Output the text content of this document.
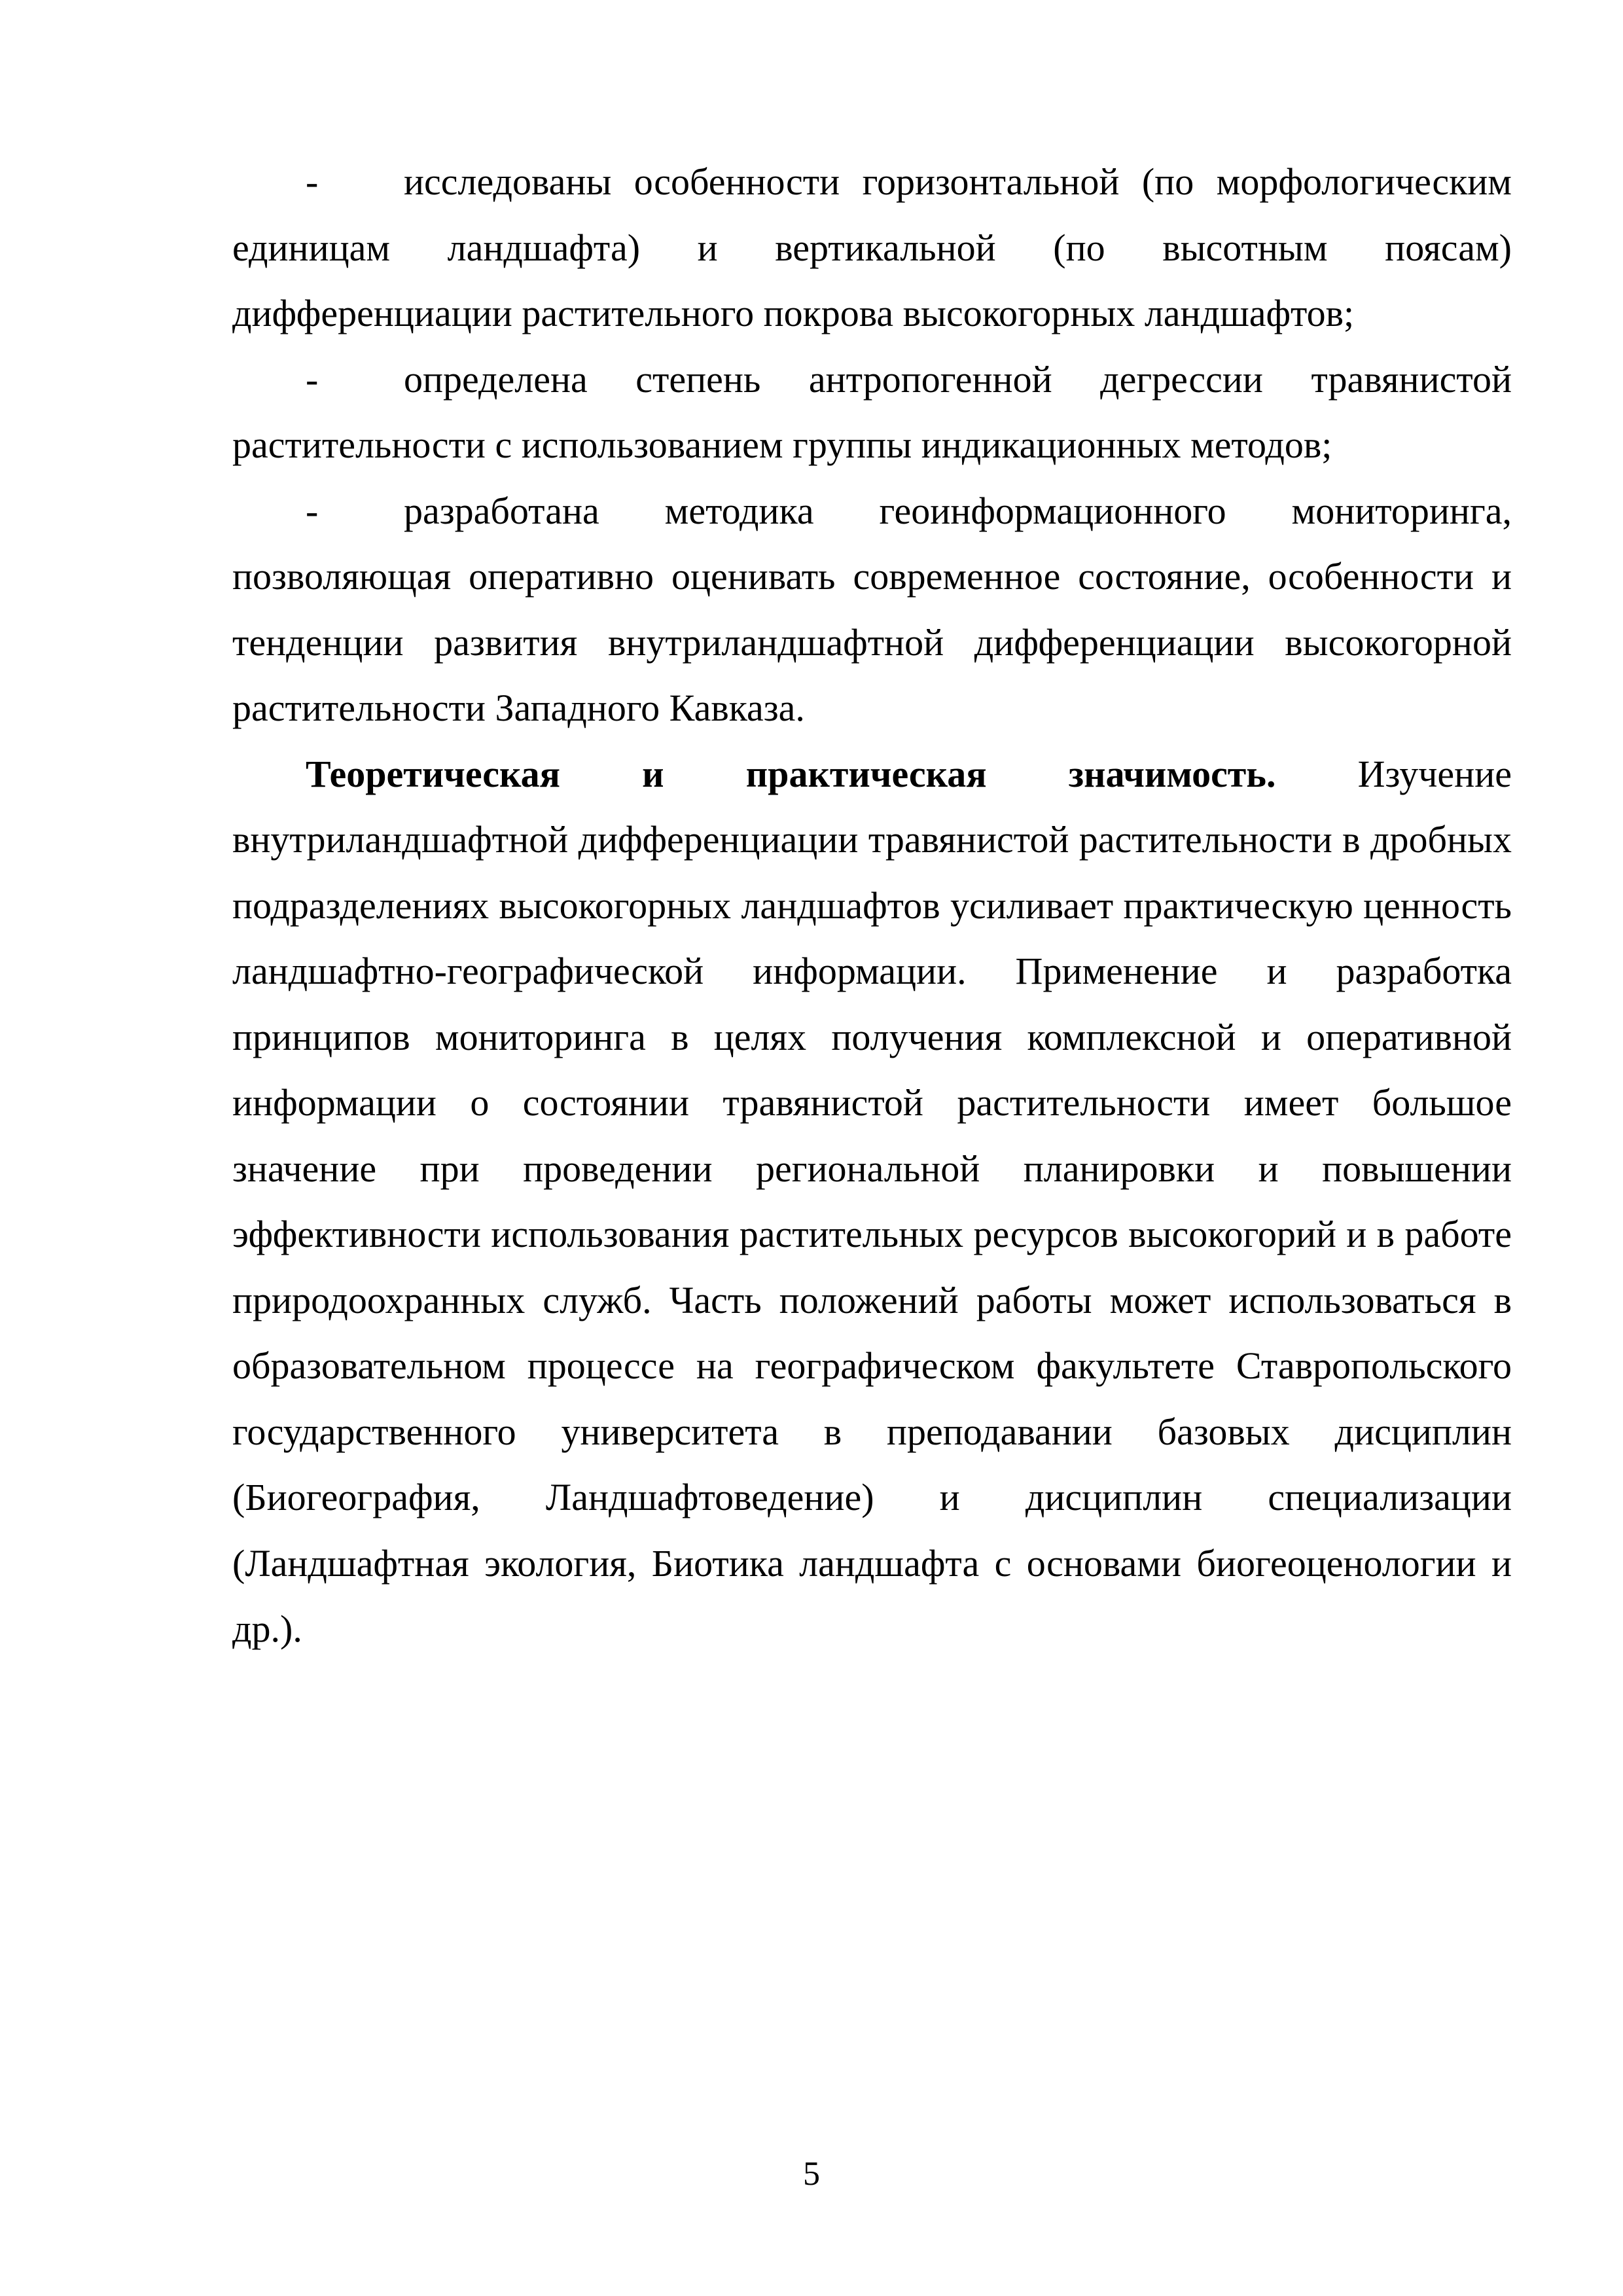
- исследованы особенности горизонтальной (по морфологическим единицам ландшафта) и вертикальной (по высотным поясам) дифференциации растительного покрова высокогорных ландшафтов;

- определена степень антропогенной дегрессии травянистой растительности с использованием группы индикационных методов;

- разработана методика геоинформационного мониторинга, позволяющая оперативно оценивать современное состояние, особенности и тенденции развития внутриландшафтной дифференциации высокогорной растительности Западного Кавказа.

Теоретическая и практическая значимость. Изучение внутриландшафтной дифференциации травянистой растительности в дробных подразделениях высокогорных ландшафтов усиливает практическую ценность ландшафтно-географической информации. Применение и разработка принципов мониторинга в целях получения комплексной и оперативной информации о состоянии травянистой растительности имеет большое значение при проведении региональной планировки и повышении эффективности использования растительных ресурсов высокогорий и в работе природоохранных служб. Часть положений работы может использоваться в образовательном процессе на географическом факультете Ставропольского государственного университета в преподавании базовых дисциплин (Биогеография, Ландшафтоведение) и дисциплин специализации (Ландшафтная экология, Биотика ландшафта с основами биогеоценологии и др.).

5
